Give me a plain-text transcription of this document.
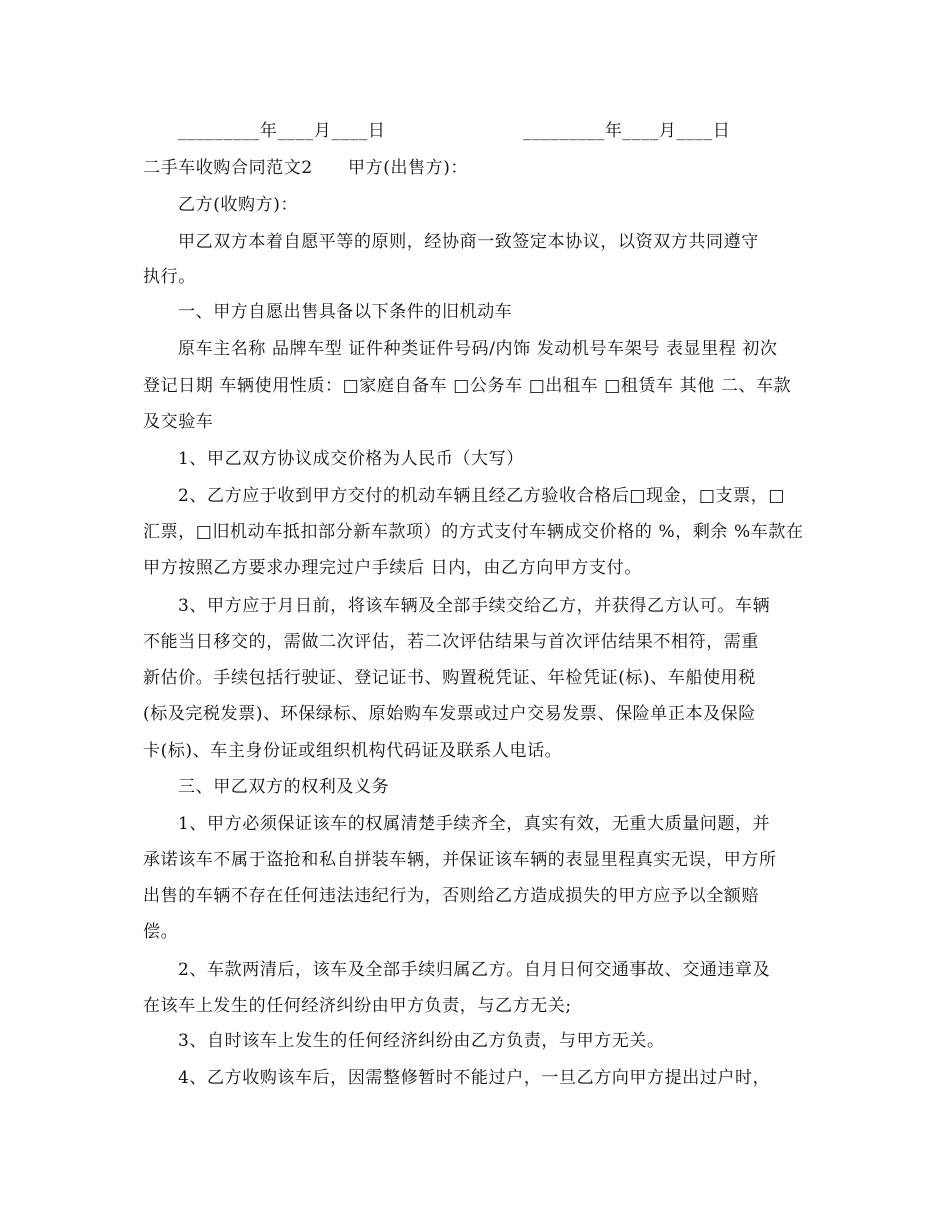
_________年____月____日	_________年____月____日
二手车收购合同范文2　　甲方(出售方)：
乙方(收购方)：
甲乙双方本着自愿平等的原则，经协商一致签定本协议，以资双方共同遵守
执行。
一、甲方自愿出售具备以下条件的旧机动车
原车主名称 品牌车型 证件种类证件号码/内饰 发动机号车架号 表显里程 初次
登记日期 车辆使用性质：□家庭自备车 □公务车 □出租车 □租赁车 其他 二、车款
及交验车
1、甲乙双方协议成交价格为人民币（大写）
2、乙方应于收到甲方交付的机动车辆且经乙方验收合格后□现金，□支票，□
汇票，□旧机动车抵扣部分新车款项）的方式支付车辆成交价格的 %，剩余 %车款在
甲方按照乙方要求办理完过户手续后 日内，由乙方向甲方支付。
3、甲方应于月日前，将该车辆及全部手续交给乙方，并获得乙方认可。车辆
不能当日移交的，需做二次评估，若二次评估结果与首次评估结果不相符，需重
新估价。手续包括行驶证、登记证书、购置税凭证、年检凭证(标)、车船使用税
(标及完税发票)、环保绿标、原始购车发票或过户交易发票、保险单正本及保险
卡(标)、车主身份证或组织机构代码证及联系人电话。
三、甲乙双方的权利及义务
1、甲方必须保证该车的权属清楚手续齐全，真实有效，无重大质量问题，并
承诺该车不属于盗抢和私自拼装车辆，并保证该车辆的表显里程真实无误，甲方所
出售的车辆不存在任何违法违纪行为，否则给乙方造成损失的甲方应予以全额赔
偿。
2、车款两清后，该车及全部手续归属乙方。自月日何交通事故、交通违章及
在该车上发生的任何经济纠纷由甲方负责，与乙方无关;
3、自时该车上发生的任何经济纠纷由乙方负责，与甲方无关。
4、乙方收购该车后，因需整修暂时不能过户，一旦乙方向甲方提出过户时，
